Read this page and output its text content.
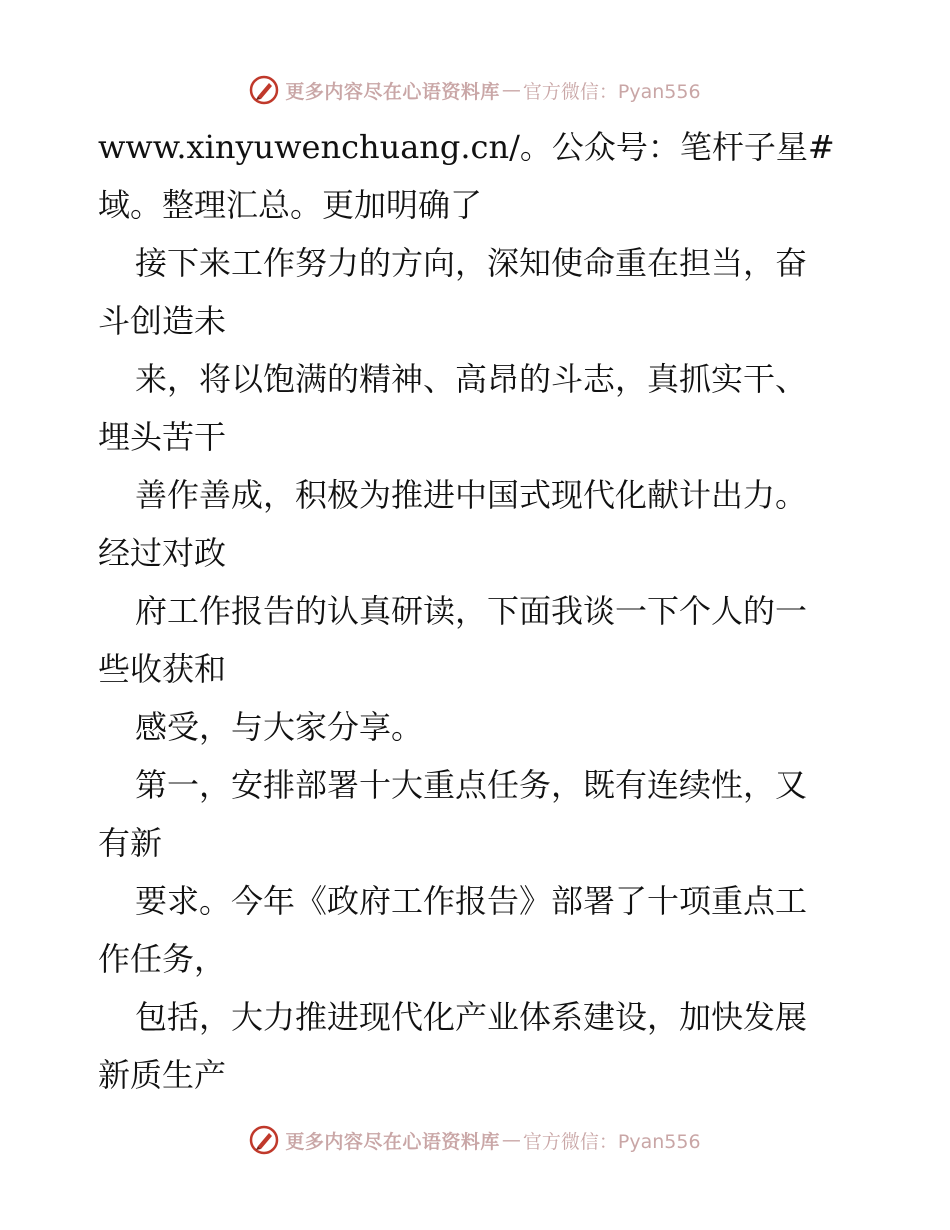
更多内容尽在心语资料库 — 官方微信：Pyan556
www.xinyuwenchuang.cn/。公众号：笔杆子星#
域。整理汇总。更加明确了
接下来工作努力的方向，深知使命重在担当，奋
斗创造未
来，将以饱满的精神、高昂的斗志，真抓实干、
埋头苦干
善作善成，积极为推进中国式现代化献计出力。
经过对政
府工作报告的认真研读，下面我谈一下个人的一
些收获和
感受，与大家分享。
第一，安排部署十大重点任务，既有连续性，又
有新
要求。今年《政府工作报告》部署了十项重点工
作任务，
包括，大力推进现代化产业体系建设，加快发展
新质生产
更多内容尽在心语资料库 — 官方微信：Pyan556
